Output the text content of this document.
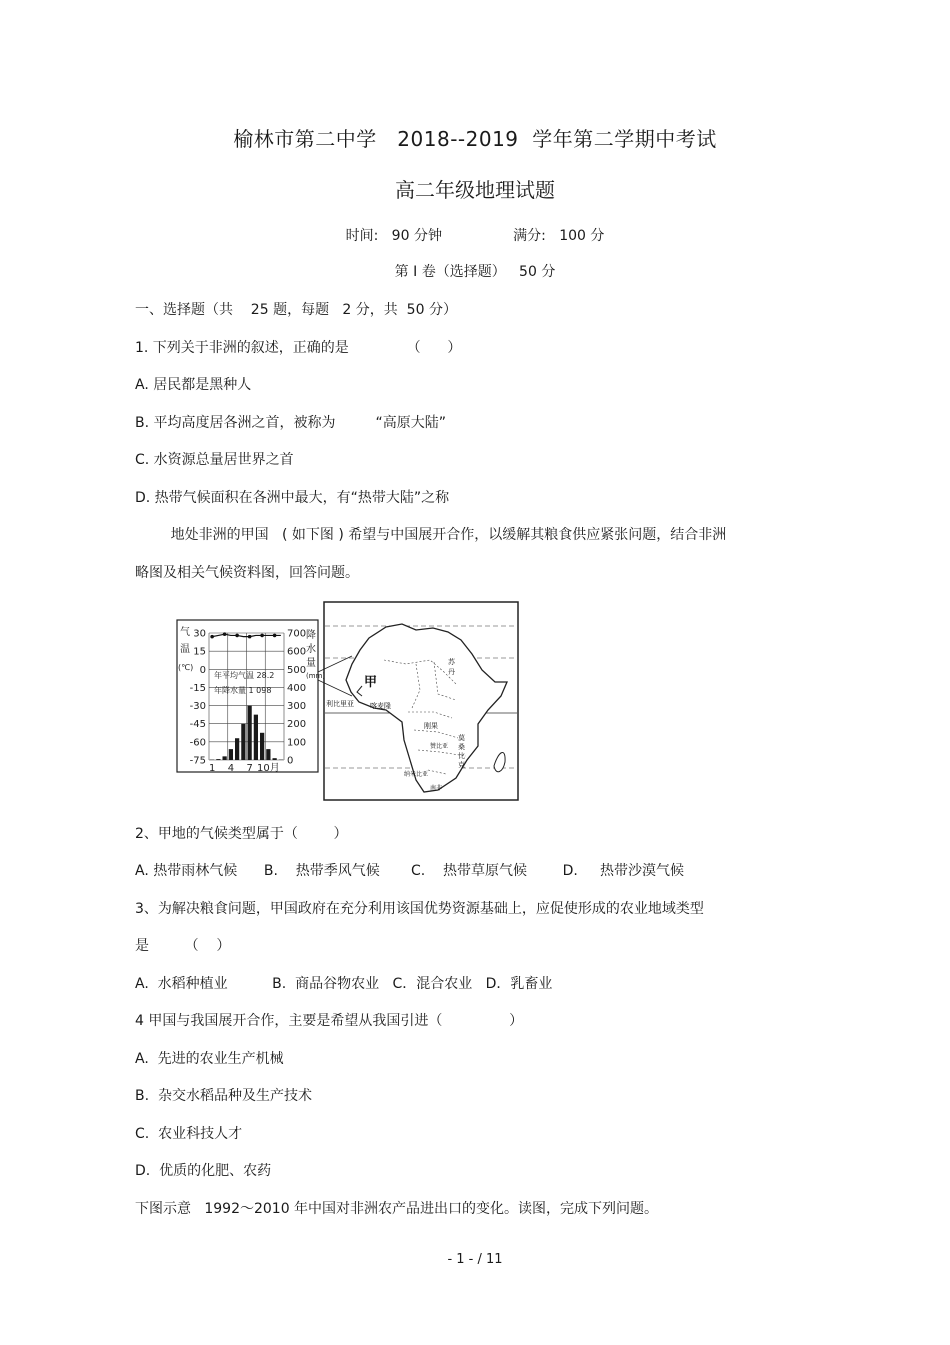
榆林市第二中学   2018--2019  学年第二学期中考试
高二年级地理试题
时间:   90 分钟                满分:   100 分
第 Ⅰ 卷（选择题）   50 分
一、选择题（共    25 题，每题   2 分，共  50 分）
1. 下列关于非洲的叙述，正确的是             （      ）
A. 居民都是黑种人
B. 平均高度居各洲之首，被称为         “高原大陆”
C. 水资源总量居世界之首
D. 热带气候面积在各洲中最大，有“热带大陆”之称
地处非洲的甲国   ( 如下图 ) 希望与中国展开合作，以缓解其粮食供应紧张问题，结合非洲
略图及相关气候资料图，回答问题。
气
温
(℃)
降
水
量
(mm)
30	700
15	600
0	500
-15	400
-30	300
-45	200
-60	100
-75	0
1 4 7 10月
年平均气温 28.2
年降水量 1 098
甲
苏
丹
利比里亚 喀麦隆
刚果
赞比亚
莫
桑
比
克
纳米比亚
南非
2、甲地的气候类型属于（        ）
A. 热带雨林气候      B.    热带季风气候       C.    热带草原气候        D.     热带沙漠气候
3、为解决粮食问题，甲国政府在充分利用该国优势资源基础上，应促使形成的农业地域类型
是        （    ）
A.  水稻种植业          B.  商品谷物农业   C．混合农业   D．乳畜业
4 甲国与我国展开合作，主要是希望从我国引进（               ）
A.  先进的农业生产机械
B.  杂交水稻品种及生产技术
C.  农业科技人才
D.  优质的化肥、农药
下图示意   1992～2010 年中国对非洲农产品进出口的变化。读图，完成下列问题。
- 1 - / 11
